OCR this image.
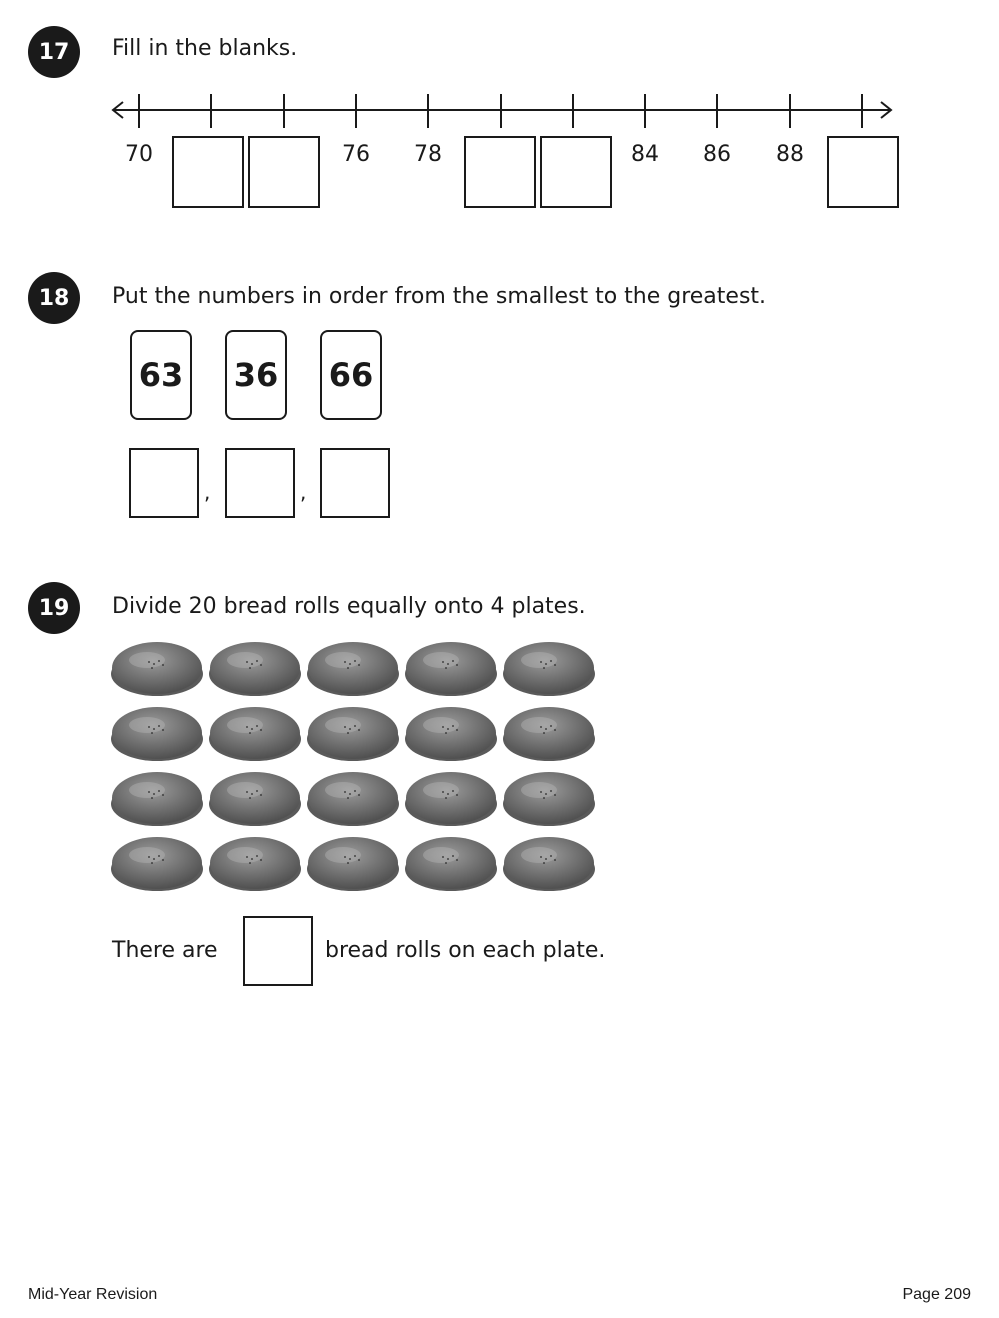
17	Fill in the blanks.
70	76	78	84	86	88
18	Put the numbers in order from the smallest to the greatest.
63 36 66
,	,
19	Divide 20 bread rolls equally onto 4 plates.
There are	bread rolls on each plate.
Mid-Year Revision	Page 209
